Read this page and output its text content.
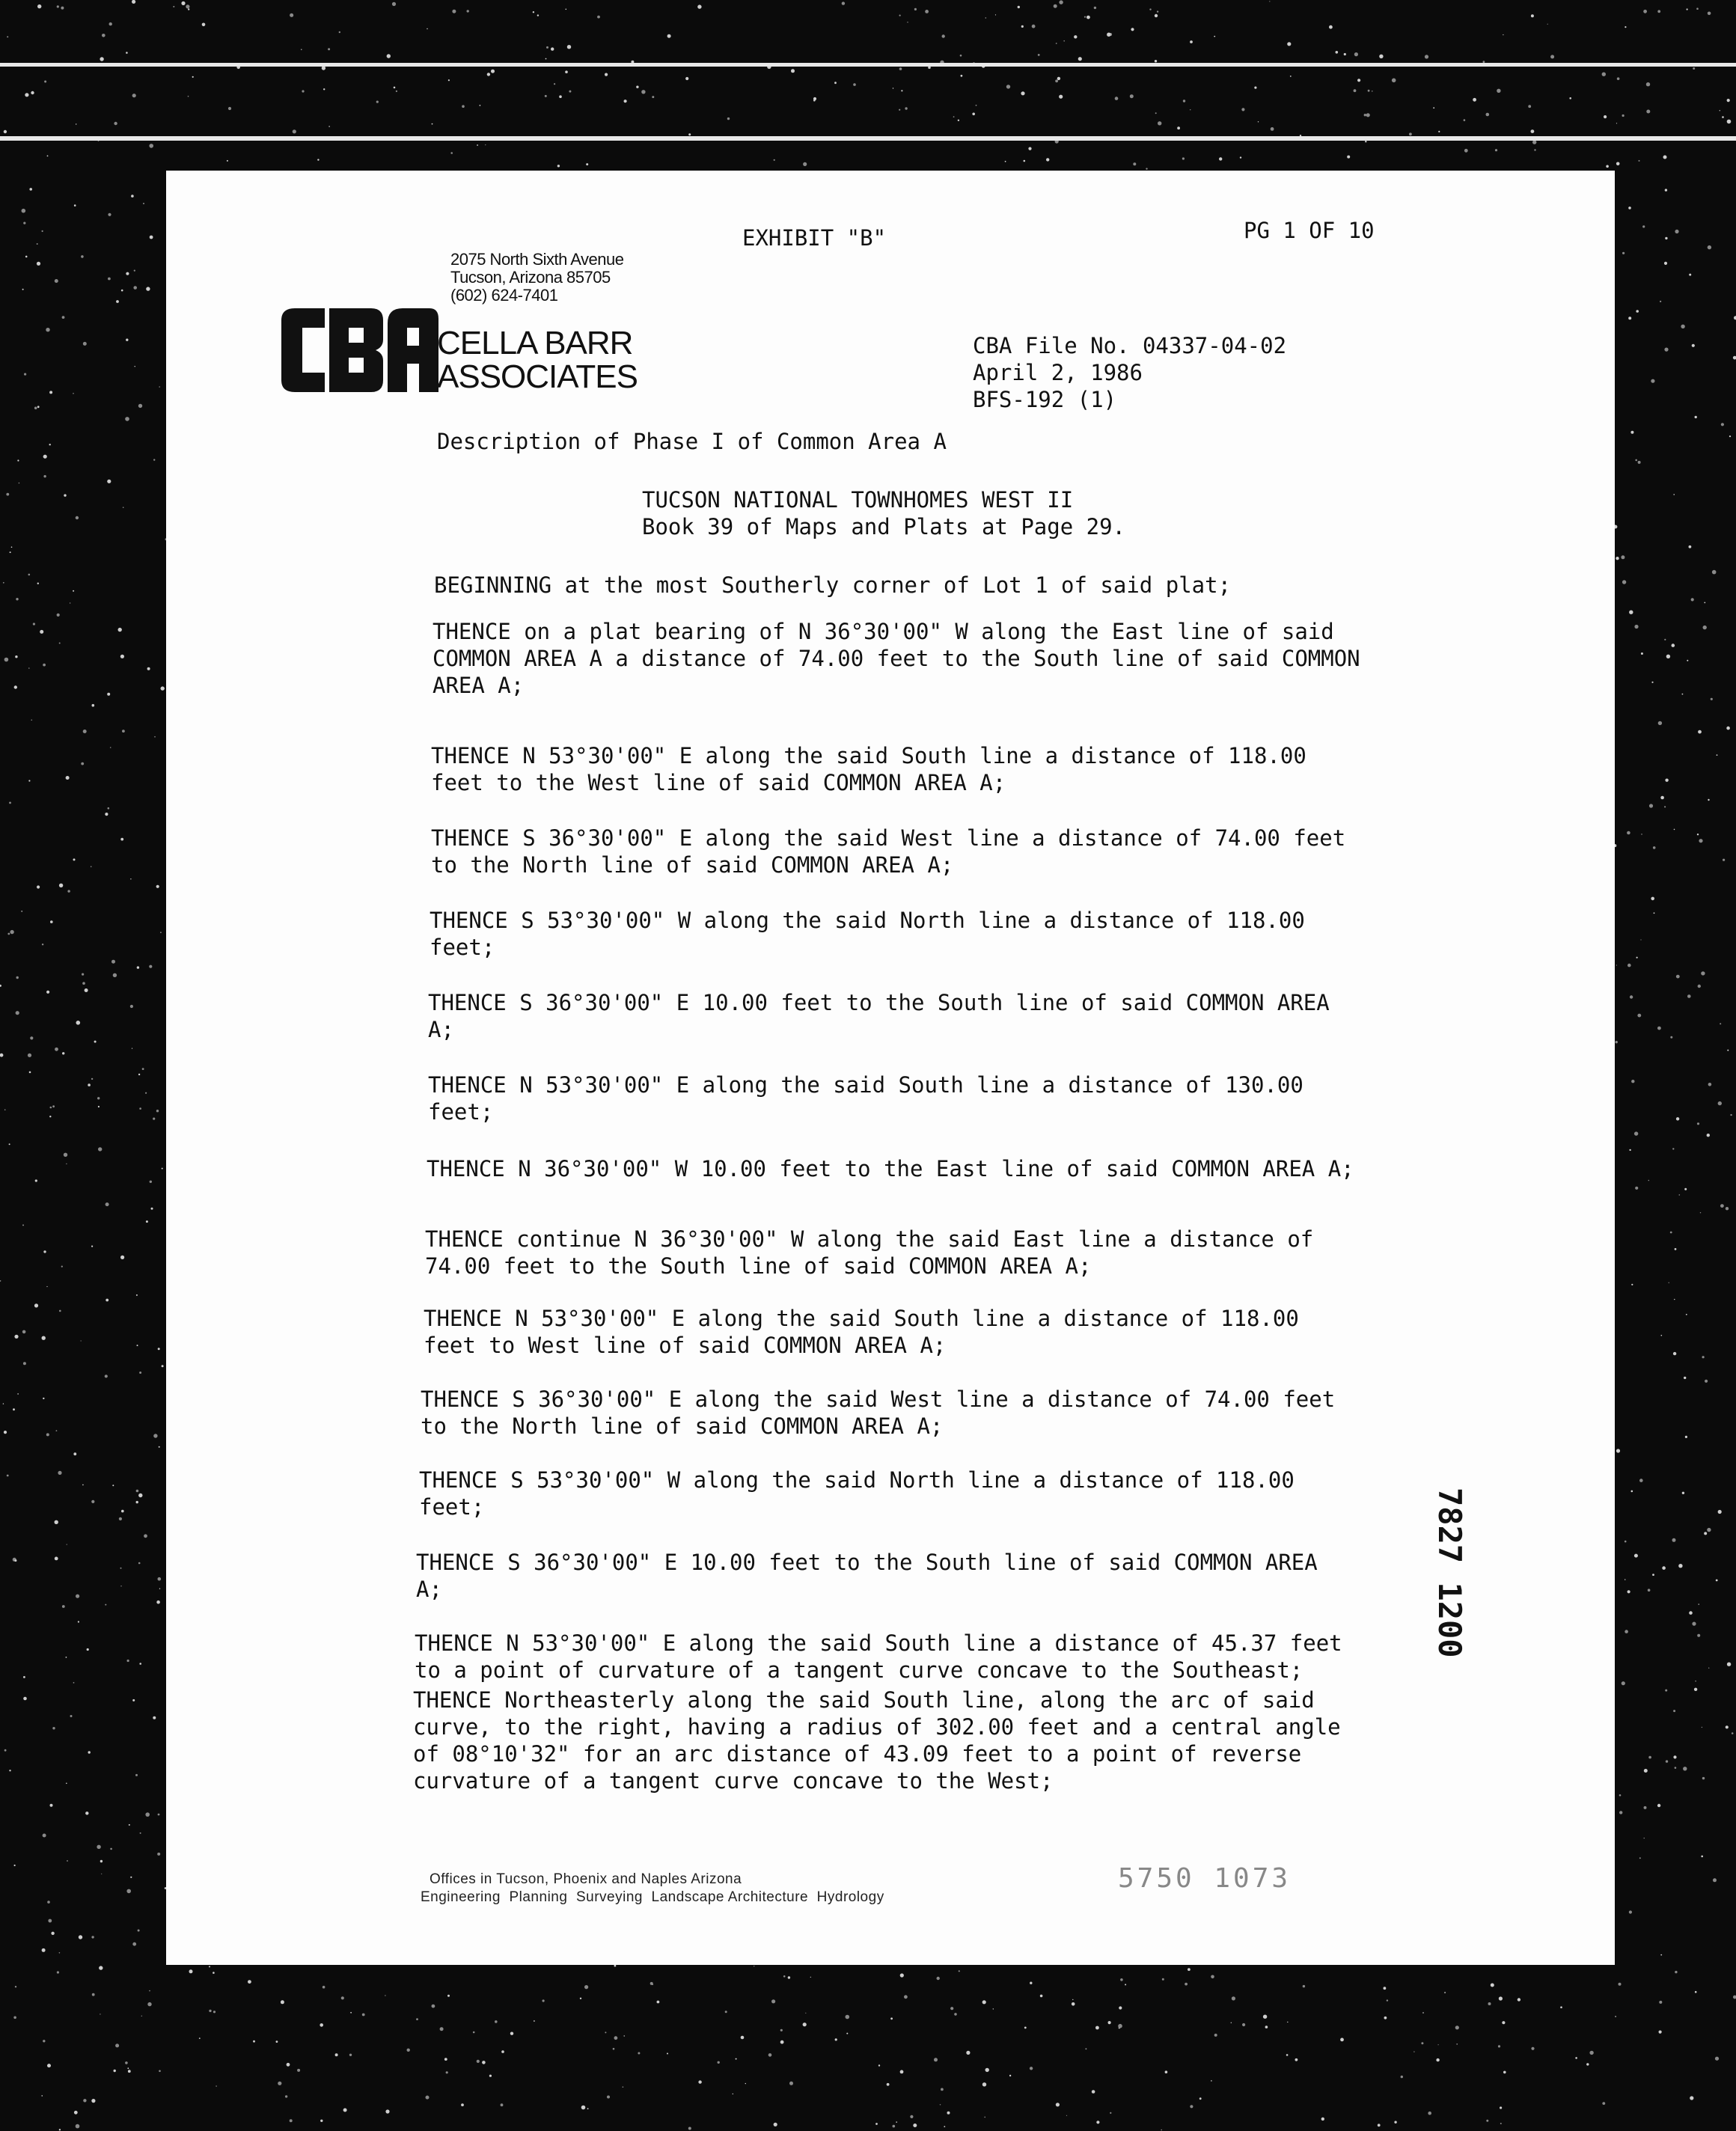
EXHIBIT "B"	PG 1 OF 10
2075 North Sixth Avenue
Tucson, Arizona 85705
(602) 624-7401
CELLA BARR
ASSOCIATES
CBA File No. 04337-04-02
April 2, 1986
BFS-192 (1)
Description of Phase I of Common Area A
TUCSON NATIONAL TOWNHOMES WEST II
Book 39 of Maps and Plats at Page 29.
BEGINNING at the most Southerly corner of Lot 1 of said plat;
THENCE on a plat bearing of N 36°30'00" W along the East line of said
COMMON AREA A a distance of 74.00 feet to the South line of said COMMON
AREA A;
THENCE N 53°30'00" E along the said South line a distance of 118.00
feet to the West line of said COMMON AREA A;
THENCE S 36°30'00" E along the said West line a distance of 74.00 feet
to the North line of said COMMON AREA A;
THENCE S 53°30'00" W along the said North line a distance of 118.00
feet;
THENCE S 36°30'00" E 10.00 feet to the South line of said COMMON AREA
A;
THENCE N 53°30'00" E along the said South line a distance of 130.00
feet;
THENCE N 36°30'00" W 10.00 feet to the East line of said COMMON AREA A;
THENCE continue N 36°30'00" W along the said East line a distance of
74.00 feet to the South line of said COMMON AREA A;
THENCE N 53°30'00" E along the said South line a distance of 118.00
feet to West line of said COMMON AREA A;
THENCE S 36°30'00" E along the said West line a distance of 74.00 feet
to the North line of said COMMON AREA A;
THENCE S 53°30'00" W along the said North line a distance of 118.00
feet;
THENCE S 36°30'00" E 10.00 feet to the South line of said COMMON AREA
A;
THENCE N 53°30'00" E along the said South line a distance of 45.37 feet
to a point of curvature of a tangent curve concave to the Southeast;
THENCE Northeasterly along the said South line, along the arc of said
curve, to the right, having a radius of 302.00 feet and a central angle
of 08°10'32" for an arc distance of 43.09 feet to a point of reverse
curvature of a tangent curve concave to the West;
Offices in Tucson, Phoenix and Naples Arizona
Engineering  Planning  Surveying  Landscape Architecture  Hydrology
5750 1073
7827 1200
